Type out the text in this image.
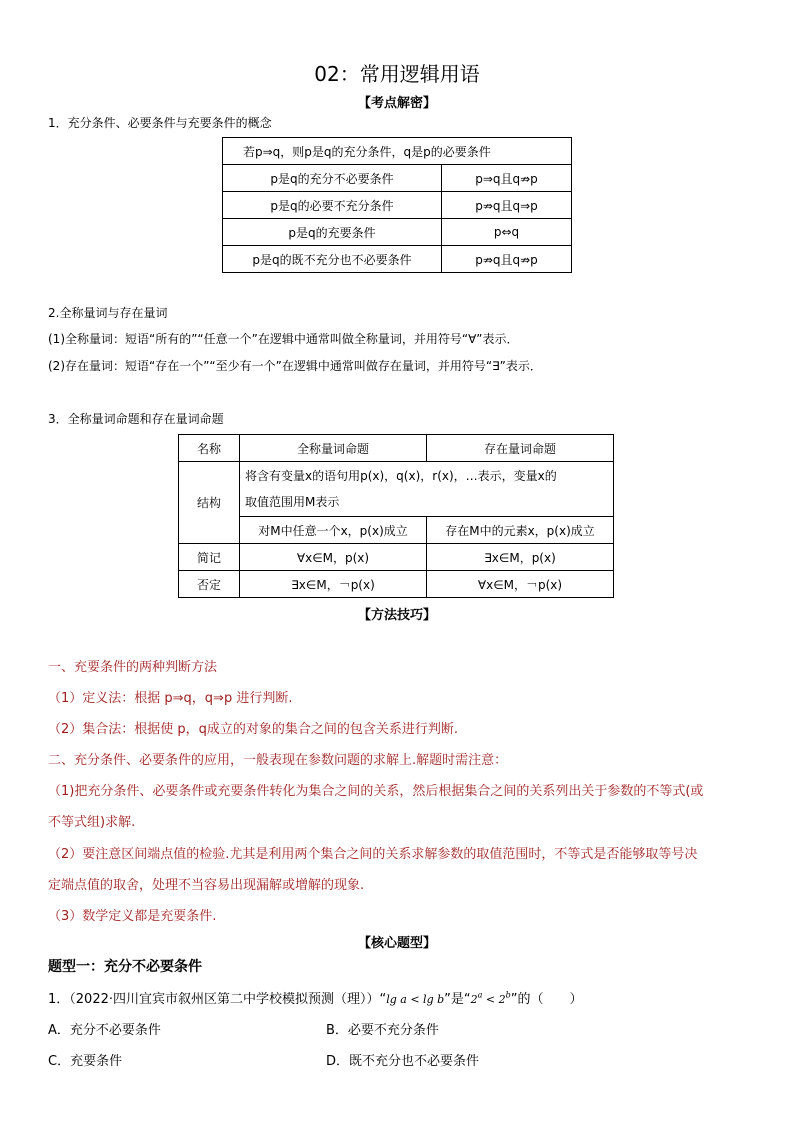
02：常用逻辑用语
【考点解密】
1．充分条件、必要条件与充要条件的概念
若p⇒q，则p是q的充分条件，q是p的必要条件	
p是q的充分不必要条件	p⇒q且q⇏p
p是q的必要不充分条件	p⇏q且q⇒p
p是q的充要条件	p⇔q
p是q的既不充分也不必要条件	p⇏q且q⇏p
2.全称量词与存在量词
(1)全称量词：短语“所有的”“任意一个”在逻辑中通常叫做全称量词，并用符号“∀”表示．
(2)存在量词：短语“存在一个”“至少有一个”在逻辑中通常叫做存在量词，并用符号“∃”表示．
3．全称量词命题和存在量词命题
名称	全称量词命题	存在量词命题
结构	将含有变量x的语句用p(x)，q(x)，r(x)，…表示，变量x的
取值范围用M表示	

	对M中任意一个x，p(x)成立	存在M中的元素x，p(x)成立
简记	∀x∈M，p(x)	∃x∈M，p(x)
否定	∃x∈M，￢p(x)	∀x∈M，￢p(x)
【方法技巧】
一、充要条件的两种判断方法
（1）定义法：根据 p⇒q，q⇒p 进行判断.
（2）集合法：根据使 p，q成立的对象的集合之间的包含关系进行判断.
二、充分条件、必要条件的应用，一般表现在参数问题的求解上.解题时需注意：
（1)把充分条件、必要条件或充要条件转化为集合之间的关系，然后根据集合之间的关系列出关于参数的不等式(或
不等式组)求解.
（2）要注意区间端点值的检验.尤其是利用两个集合之间的关系求解参数的取值范围时，不等式是否能够取等号决
定端点值的取舍，处理不当容易出现漏解或增解的现象.
（3）数学定义都是充要条件.
【核心题型】
题型一：充分不必要条件
1．（2022·四川宜宾市叙州区第二中学校模拟预测（理））“lg a < lg b”是“$2^a < 2^b$”的（　　）
A．充分不必要条件	B．必要不充分条件
C．充要条件	D．既不充分也不必要条件
